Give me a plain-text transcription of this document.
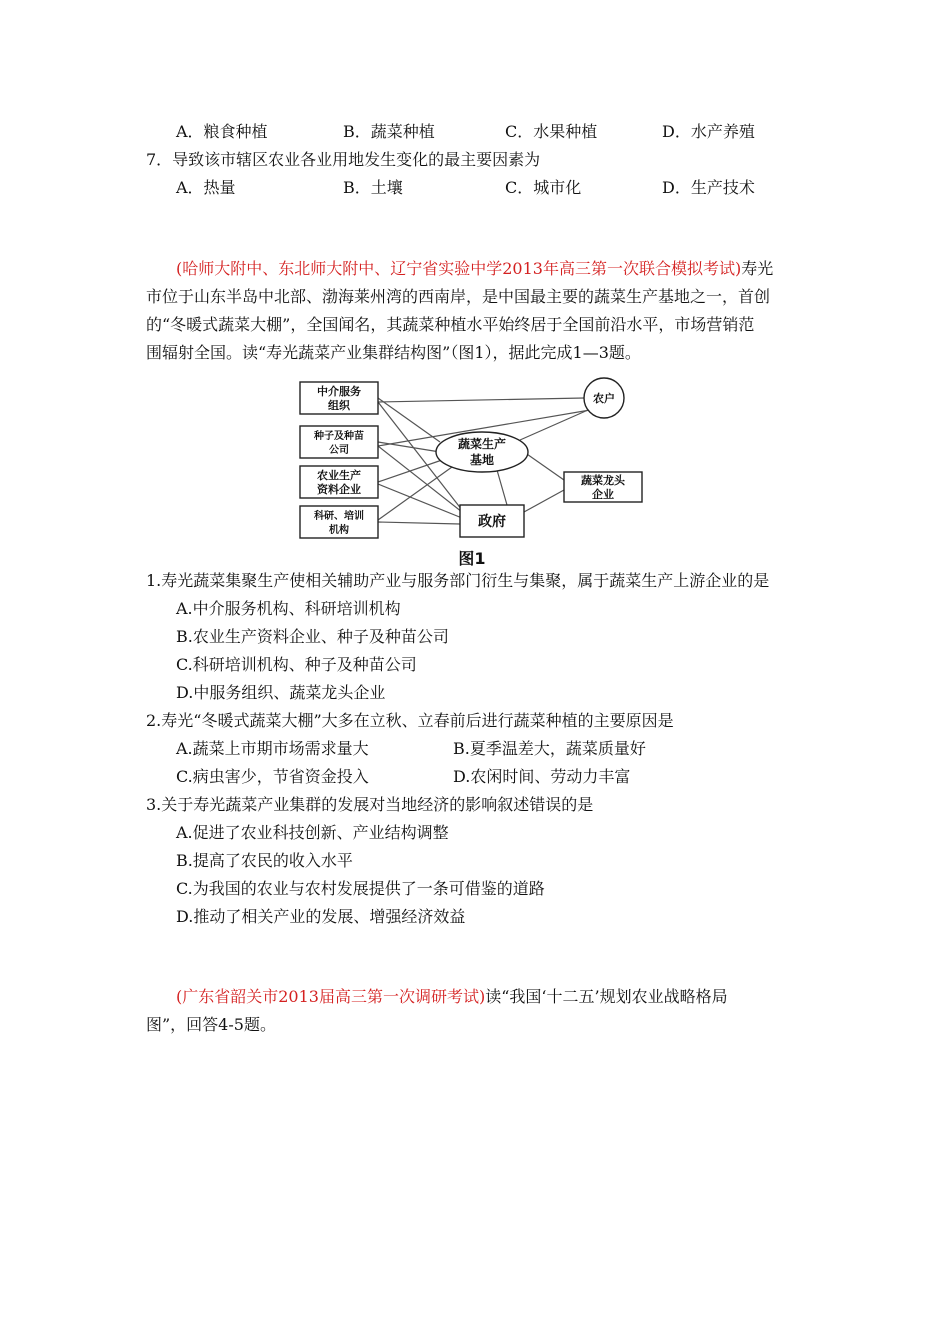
A．粮食种植	B．蔬菜种植	C．水果种植	D．水产养殖
7．导致该市辖区农业各业用地发生变化的最主要因素为
A．热量	B．土壤	C．城市化	D．生产技术
(哈师大附中、东北师大附中、辽宁省实验中学2013年高三第一次联合模拟考试)寿光
市位于山东半岛中北部、渤海莱州湾的西南岸，是中国最主要的蔬菜生产基地之一，首创
的“冬暖式蔬菜大棚”，全国闻名，其蔬菜种植水平始终居于全国前沿水平，市场营销范
围辐射全国。读“寿光蔬菜产业集群结构图”（图1），据此完成1—3题。
中介服务
组织
种子及种苗
公司
农业生产
资料企业
科研、培训
机构
蔬菜生产
基地
农户
蔬菜龙头
企业
政府
图1
1.寿光蔬菜集聚生产使相关辅助产业与服务部门衍生与集聚，属于蔬菜生产上游企业的是
A.中介服务机构、科研培训机构
B.农业生产资料企业、种子及种苗公司
C.科研培训机构、种子及种苗公司
D.中服务组织、蔬菜龙头企业
2.寿光“冬暖式蔬菜大棚”大多在立秋、立春前后进行蔬菜种植的主要原因是
A.蔬菜上市期市场需求量大	B.夏季温差大，蔬菜质量好
C.病虫害少，节省资金投入	D.农闲时间、劳动力丰富
3.关于寿光蔬菜产业集群的发展对当地经济的影响叙述错误的是
A.促进了农业科技创新、产业结构调整
B.提高了农民的收入水平
C.为我国的农业与农村发展提供了一条可借鉴的道路
D.推动了相关产业的发展、增强经济效益
(广东省韶关市2013届高三第一次调研考试)读“我国‘十二五’规划农业战略格局
图”，回答4-5题。
